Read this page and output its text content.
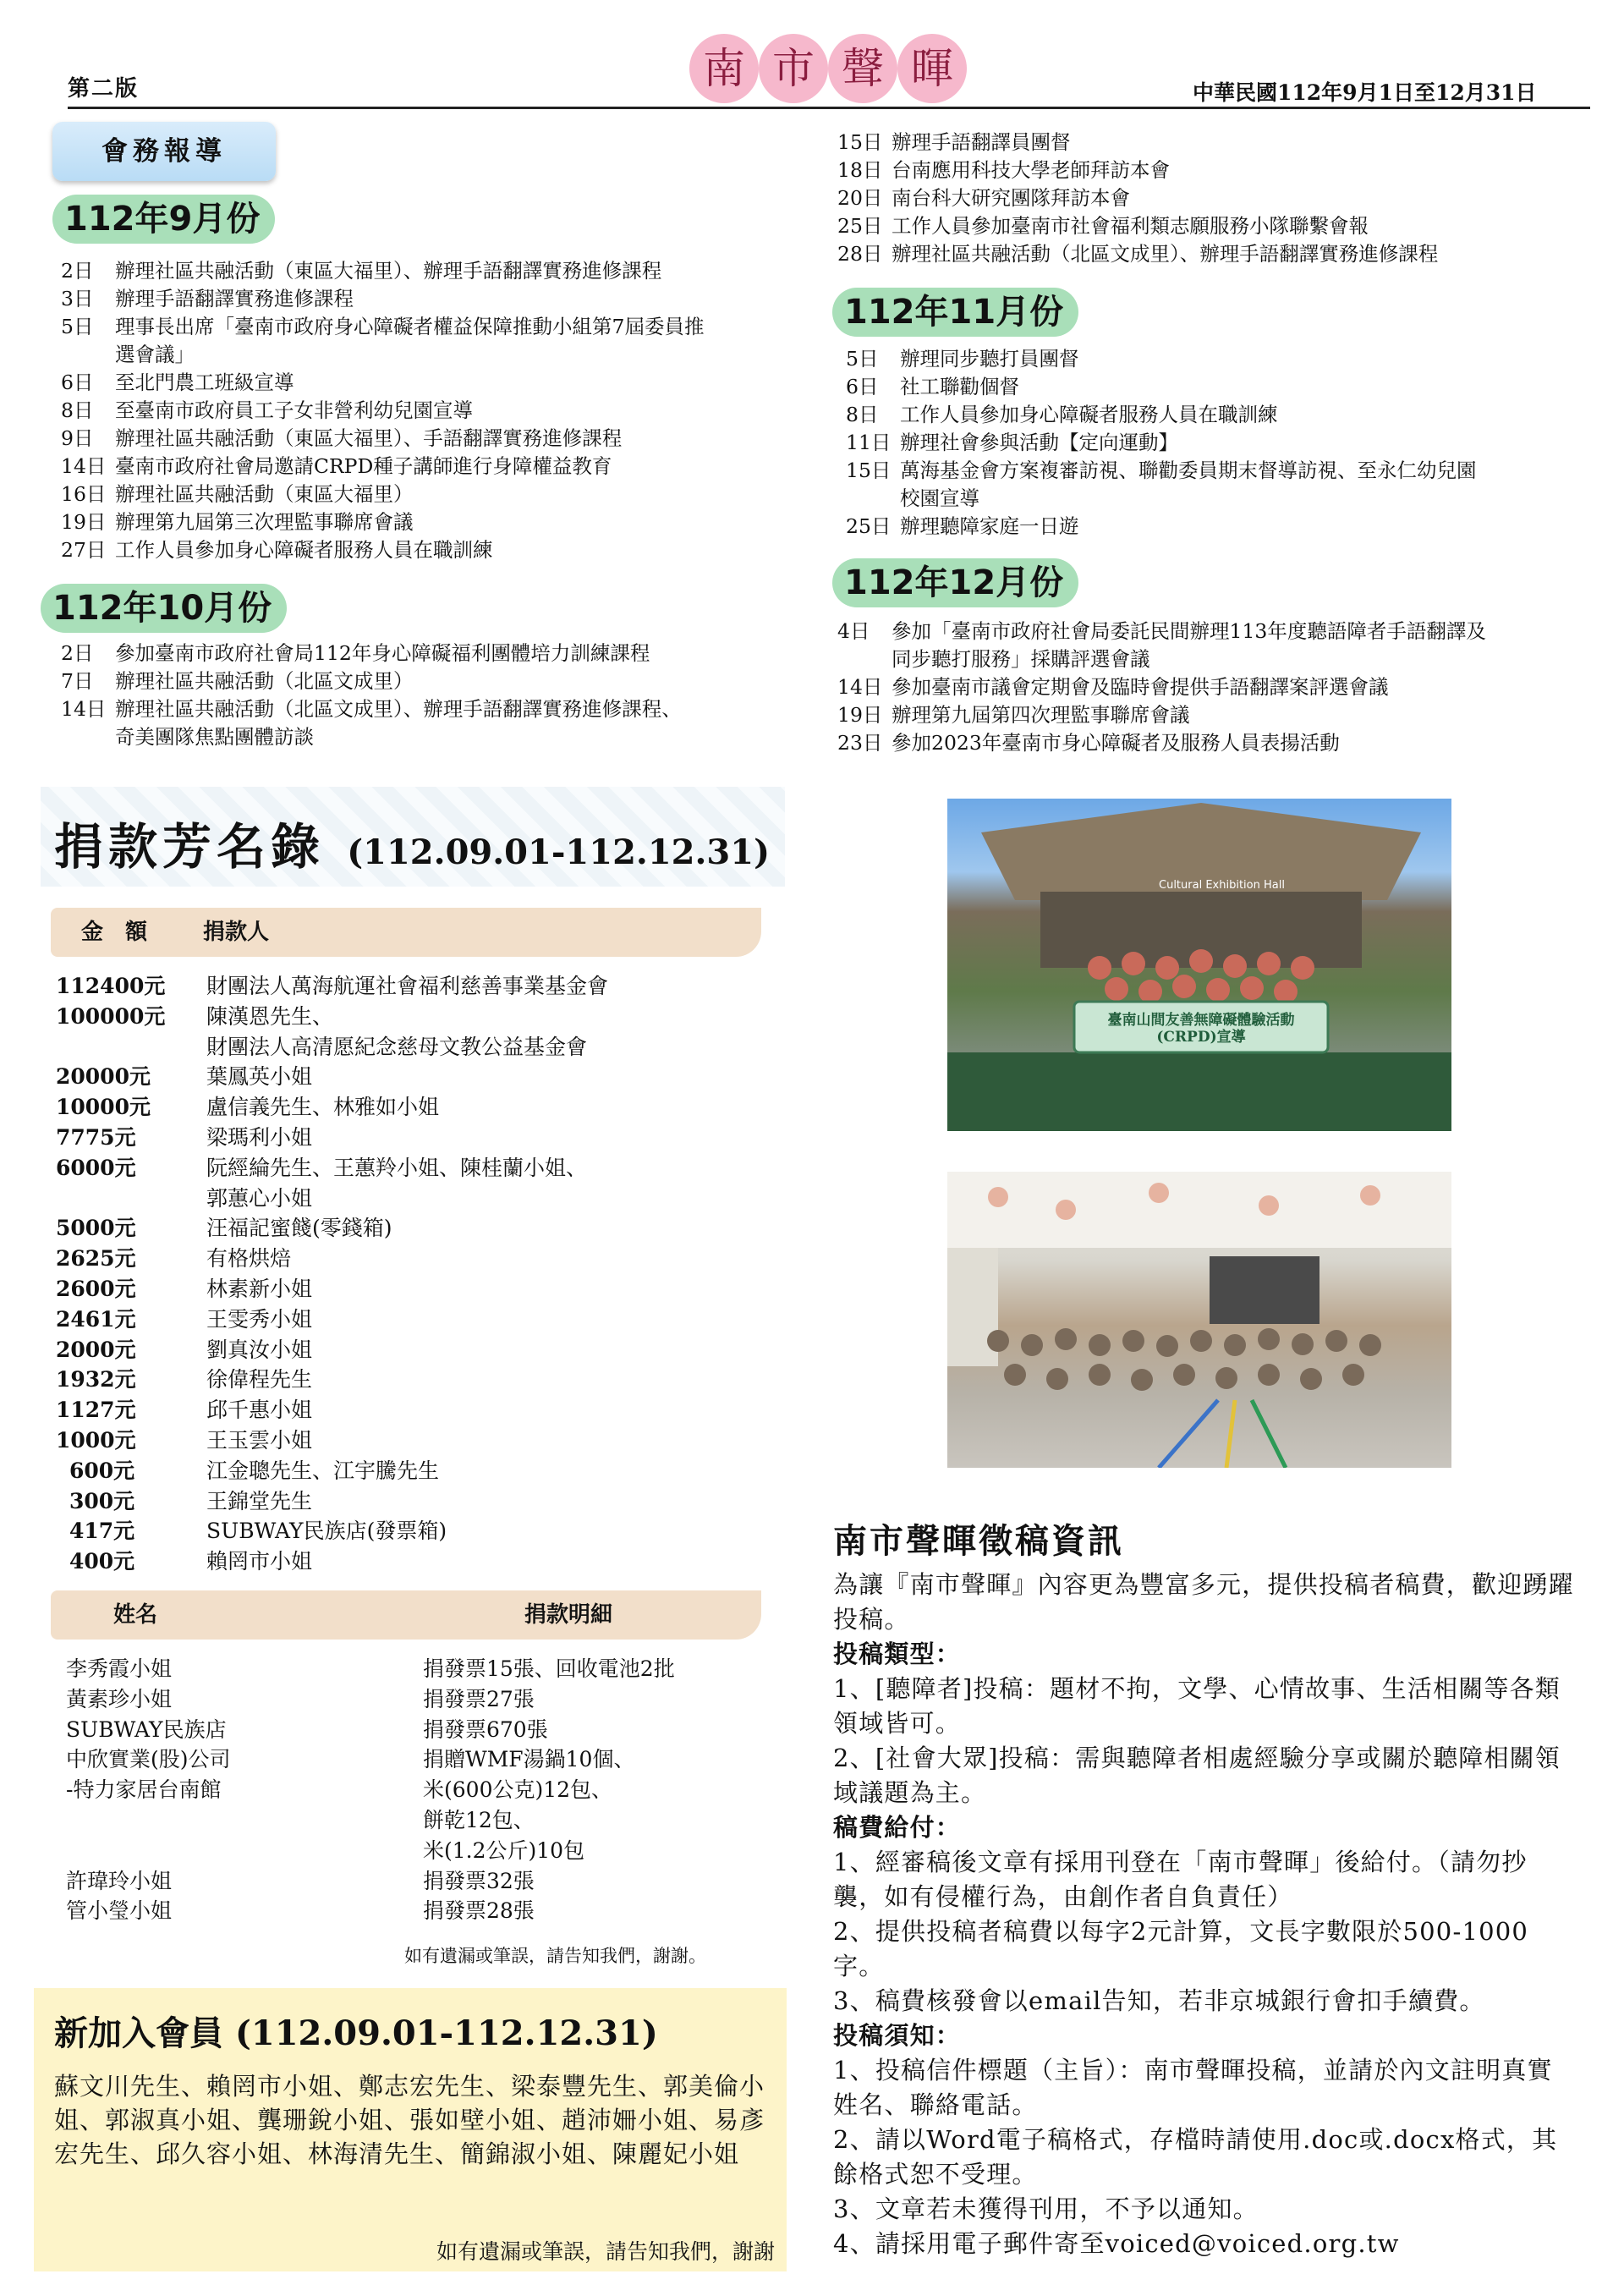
第二版	南 市 聲 暉	中華民國112年9月1日至12月31日
會務報導
112年9月份
2日	辦理社區共融活動（東區大福里）、辦理手語翻譯實務進修課程
3日	辦理手語翻譯實務進修課程
5日	理事長出席「臺南市政府身心障礙者權益保障推動小組第7屆委員推
選會議」
6日	至北門農工班級宣導
8日	至臺南市政府員工子女非營利幼兒園宣導
9日	辦理社區共融活動（東區大福里）、手語翻譯實務進修課程
14日 臺南市政府社會局邀請CRPD種子講師進行身障權益教育
16日 辦理社區共融活動（東區大福里）
19日 辦理第九屆第三次理監事聯席會議
27日 工作人員參加身心障礙者服務人員在職訓練
112年10月份
2日	參加臺南市政府社會局112年身心障礙福利團體培力訓練課程
7日	辦理社區共融活動（北區文成里）
14日 辦理社區共融活動（北區文成里）、辦理手語翻譯實務進修課程、
奇美團隊焦點團體訪談
15日 辦理手語翻譯員團督
18日 台南應用科技大學老師拜訪本會
20日 南台科大研究團隊拜訪本會
25日 工作人員參加臺南市社會福利類志願服務小隊聯繫會報
28日 辦理社區共融活動（北區文成里）、辦理手語翻譯實務進修課程
112年11月份
5日	辦理同步聽打員團督
6日	社工聯勸個督
8日	工作人員參加身心障礙者服務人員在職訓練
11日 辦理社會參與活動【定向運動】
15日 萬海基金會方案複審訪視、聯勸委員期末督導訪視、至永仁幼兒園
校園宣導
25日 辦理聽障家庭一日遊
112年12月份
4日	參加「臺南市政府社會局委託民間辦理113年度聽語障者手語翻譯及
同步聽打服務」採購評選會議
14日 參加臺南市議會定期會及臨時會提供手語翻譯案評選會議
19日 辦理第九屆第四次理監事聯席會議
23日 參加2023年臺南市身心障礙者及服務人員表揚活動
捐款芳名錄 (112.09.01-112.12.31)
金　額	捐款人
112400元	財團法人萬海航運社會福利慈善事業基金會
100000元	陳漢恩先生、
財團法人高清愿紀念慈母文教公益基金會
20000元	葉鳳英小姐
10000元	盧信義先生、林雅如小姐
7775元	梁瑪利小姐
6000元	阮經綸先生、王蕙羚小姐、陳桂蘭小姐、
郭蕙心小姐
5000元	汪福記蜜餞(零錢箱)
2625元	有格烘焙
2600元	林素新小姐
2461元	王雯秀小姐
2000元	劉真汝小姐
1932元	徐偉程先生
1127元	邱千惠小姐
1000元	王玉雲小姐
600元	江金聰先生、江宇騰先生
300元	王錦堂先生
417元	SUBWAY民族店(發票箱)
400元	賴罔市小姐
姓名	捐款明細
李秀霞小姐	捐發票15張、回收電池2批
黃素珍小姐	捐發票27張
SUBWAY民族店	捐發票670張
中欣實業(股)公司	捐贈WMF湯鍋10個、
-特力家居台南館	米(600公克)12包、
餅乾12包、
米(1.2公斤)10包
許瑋玲小姐	捐發票32張
管小瑩小姐	捐發票28張
如有遺漏或筆誤，請告知我們，謝謝。
新加入會員 (112.09.01-112.12.31)
蘇文川先生、賴罔市小姐、鄭志宏先生、梁泰豐先生、郭美倫小姐、郭淑真小姐、龔珊銳小姐、張如壁小姐、趙沛姍小姐、易彥宏先生、邱久容小姐、林海清先生、簡錦淑小姐、陳麗妃小姐
如有遺漏或筆誤，請告知我們，謝謝
Cultural Exhibition Hall
臺南山間友善無障礙體驗活動(CRPD)宣導
南市聲暉徵稿資訊
為讓『南市聲暉』內容更為豐富多元，提供投稿者稿費，歡迎踴躍投稿。
投稿類型：
1、[聽障者]投稿：題材不拘，文學、心情故事、生活相關等各類領域皆可。
2、[社會大眾]投稿：需與聽障者相處經驗分享或關於聽障相關領域議題為主。
稿費給付：
1、經審稿後文章有採用刊登在「南市聲暉」後給付。（請勿抄襲，如有侵權行為，由創作者自負責任）
2、提供投稿者稿費以每字2元計算，文長字數限於500-1000字。
3、稿費核發會以email告知，若非京城銀行會扣手續費。
投稿須知：
1、投稿信件標題（主旨）：南市聲暉投稿，並請於內文註明真實姓名、聯絡電話。
2、請以Word電子稿格式，存檔時請使用.doc或.docx格式，其餘格式恕不受理。
3、文章若未獲得刊用，不予以通知。
4、請採用電子郵件寄至voiced@voiced.org.tw
